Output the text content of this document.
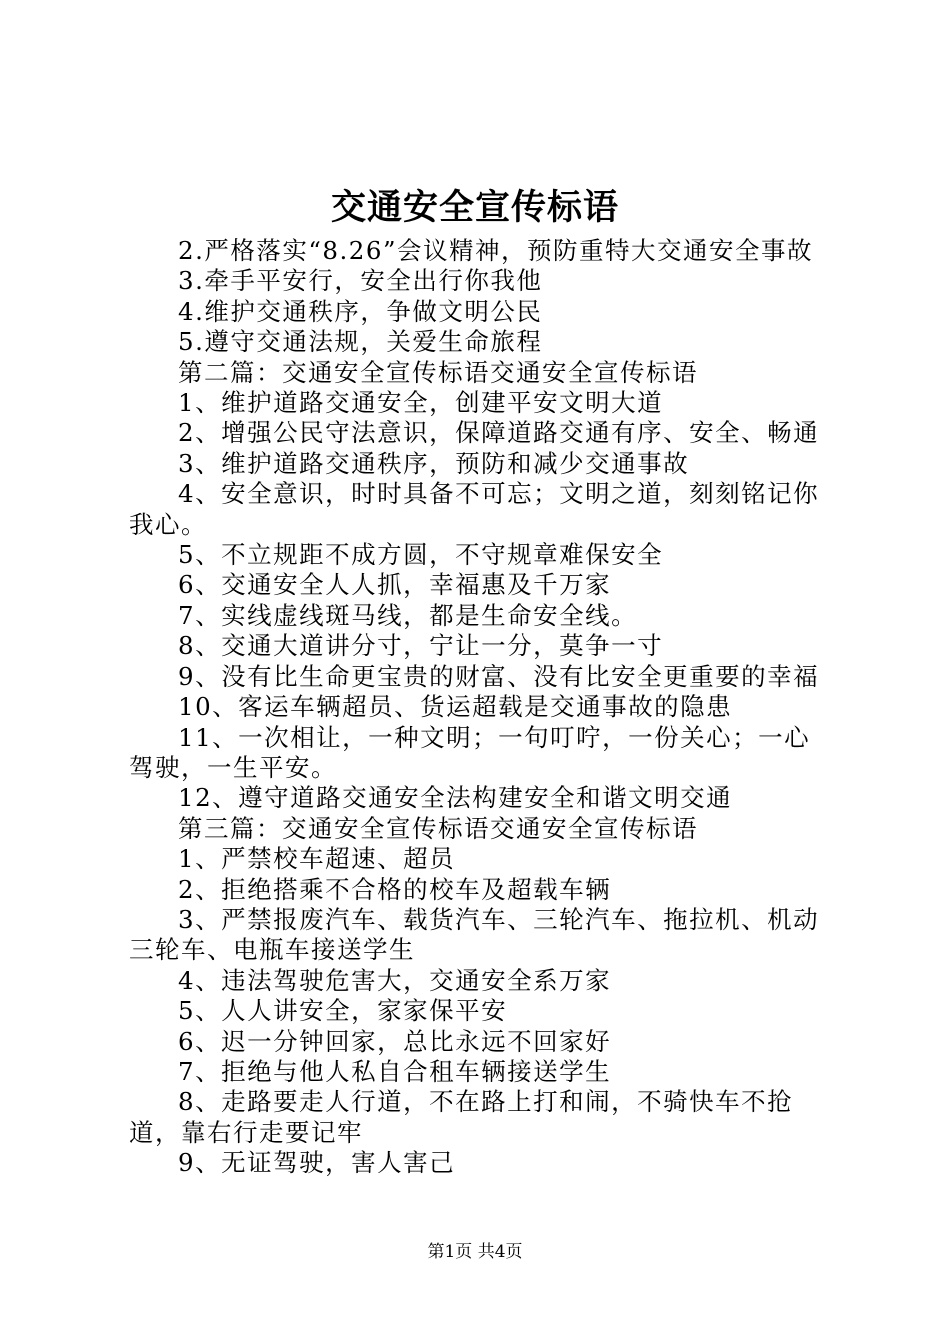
交通安全宣传标语

2.严格落实“8.26”会议精神，预防重特大交通安全事故

3.牵手平安行，安全出行你我他

4.维护交通秩序，争做文明公民

5.遵守交通法规，关爱生命旅程

第二篇：交通安全宣传标语交通安全宣传标语

1、维护道路交通安全，创建平安文明大道

2、增强公民守法意识，保障道路交通有序、安全、畅通

3、维护道路交通秩序，预防和减少交通事故

4、安全意识，时时具备不可忘；文明之道，刻刻铭记你我心。

5、不立规距不成方圆，不守规章难保安全

6、交通安全人人抓，幸福惠及千万家

7、实线虚线斑马线，都是生命安全线。

8、交通大道讲分寸，宁让一分，莫争一寸

9、没有比生命更宝贵的财富、没有比安全更重要的幸福

10、客运车辆超员、货运超载是交通事故的隐患

11、一次相让，一种文明；一句叮咛，一份关心；一心驾驶，一生平安。

12、遵守道路交通安全法构建安全和谐文明交通

第三篇：交通安全宣传标语交通安全宣传标语

1、严禁校车超速、超员

2、拒绝搭乘不合格的校车及超载车辆

3、严禁报废汽车、载货汽车、三轮汽车、拖拉机、机动三轮车、电瓶车接送学生

4、违法驾驶危害大，交通安全系万家

5、人人讲安全，家家保平安

6、迟一分钟回家，总比永远不回家好

7、拒绝与他人私自合租车辆接送学生

8、走路要走人行道，不在路上打和闹，不骑快车不抢道，靠右行走要记牢

9、无证驾驶，害人害己

第1页 共4页
